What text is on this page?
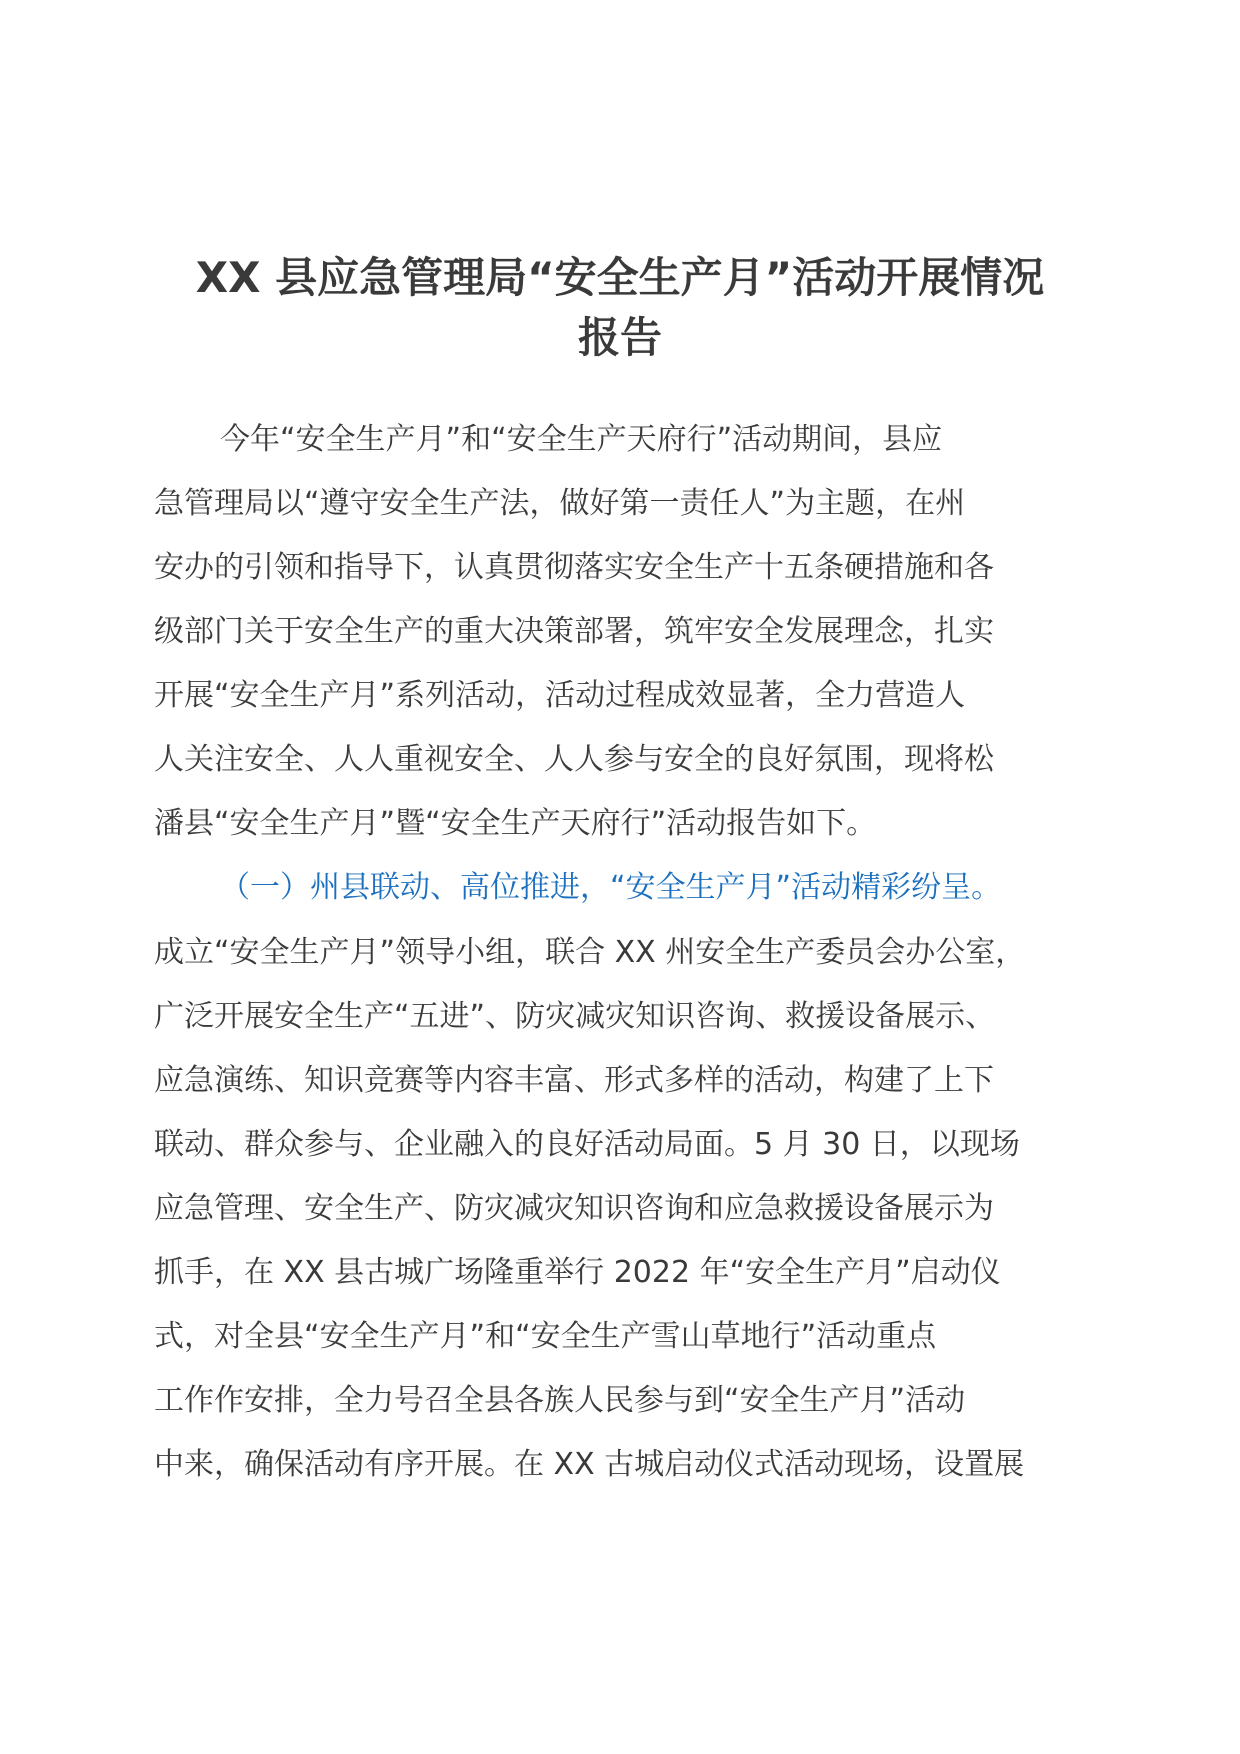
XX 县应急管理局“安全生产月”活动开展情况
报告
今年“安全生产月”和“安全生产天府行”活动期间，县应
急管理局以“遵守安全生产法，做好第一责任人”为主题，在州
安办的引领和指导下，认真贯彻落实安全生产十五条硬措施和各
级部门关于安全生产的重大决策部署，筑牢安全发展理念，扎实
开展“安全生产月”系列活动，活动过程成效显著，全力营造人
人关注安全、人人重视安全、人人参与安全的良好氛围，现将松
潘县“安全生产月”暨“安全生产天府行”活动报告如下。
（一）州县联动、高位推进，“安全生产月”活动精彩纷呈。
成立“安全生产月”领导小组，联合 XX 州安全生产委员会办公室，
广泛开展安全生产“五进”、防灾减灾知识咨询、救援设备展示、
应急演练、知识竞赛等内容丰富、形式多样的活动，构建了上下
联动、群众参与、企业融入的良好活动局面。5 月 30 日，以现场
应急管理、安全生产、防灾减灾知识咨询和应急救援设备展示为
抓手，在 XX 县古城广场隆重举行 2022 年“安全生产月”启动仪
式，对全县“安全生产月”和“安全生产雪山草地行”活动重点
工作作安排，全力号召全县各族人民参与到“安全生产月”活动
中来，确保活动有序开展。在 XX 古城启动仪式活动现场，设置展
